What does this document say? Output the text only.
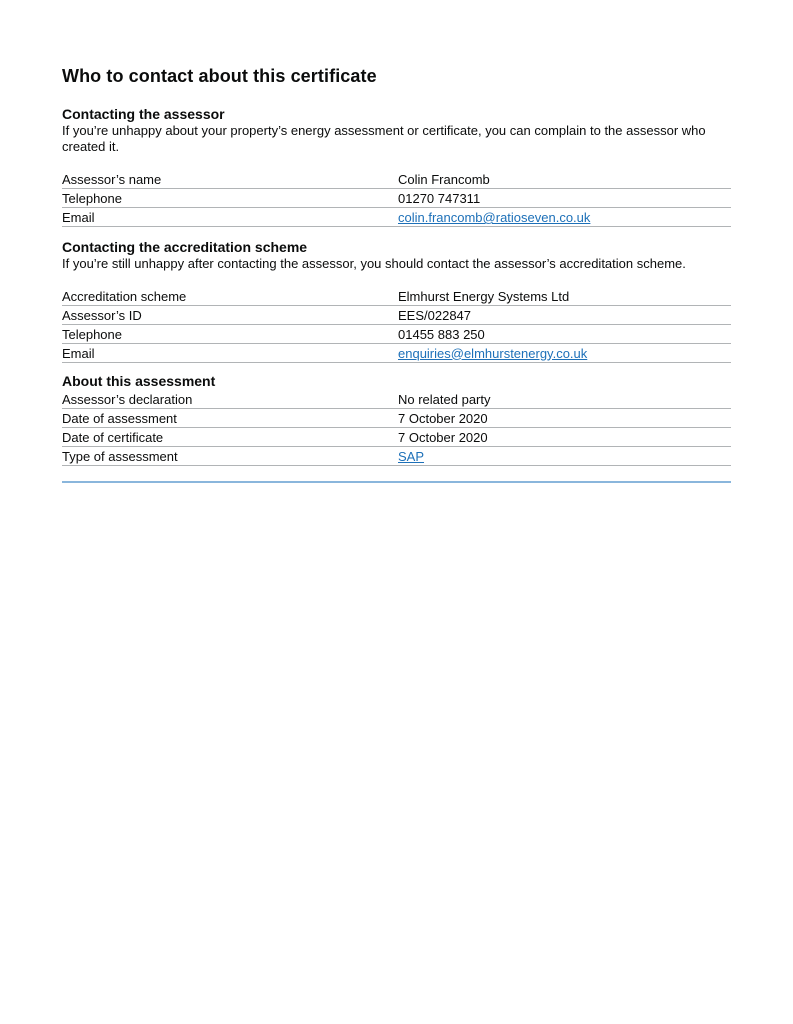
Who to contact about this certificate
Contacting the assessor

If you’re unhappy about your property’s energy assessment or certificate, you can complain to the assessor who created it.

Assessor’s name	Colin Francomb
Telephone	01270 747311
Email	colin.francomb@ratioseven.co.uk
Contacting the accreditation scheme

If you’re still unhappy after contacting the assessor, you should contact the assessor’s accreditation scheme.

Accreditation scheme	Elmhurst Energy Systems Ltd
Assessor’s ID	EES/022847
Telephone	01455 883 250
Email	enquiries@elmhurstenergy.co.uk
About this assessment
Assessor’s declaration	No related party
Date of assessment	7 October 2020
Date of certificate	7 October 2020
Type of assessment	SAP
